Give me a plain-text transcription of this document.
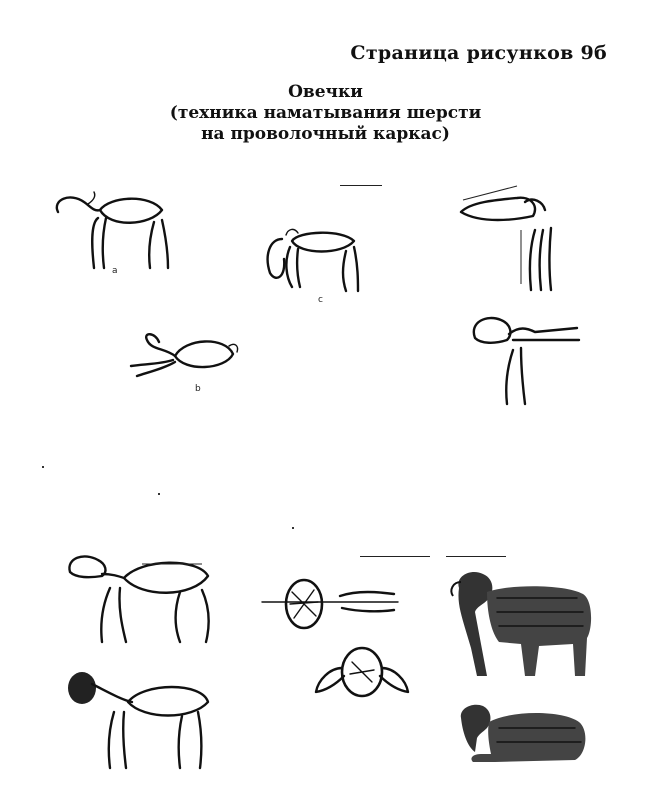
Страница рисунков 9б
Овечки
(техника наматывания шерсти
на проволочный каркас)
a
c
b
